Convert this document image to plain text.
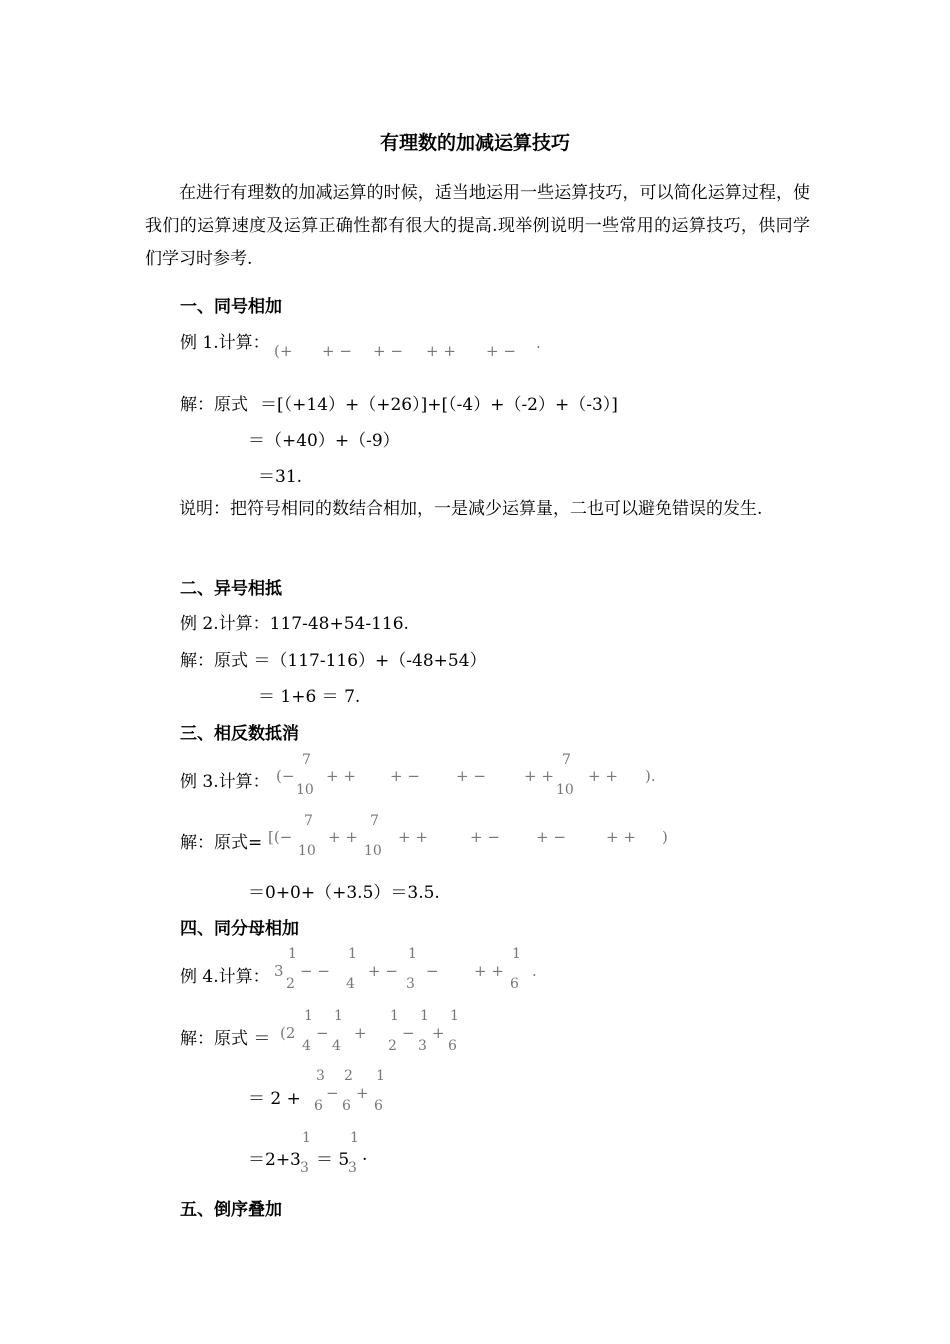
有理数的加减运算技巧
在进行有理数的加减运算的时候，适当地运用一些运算技巧，可以简化运算过程，使我们的运算速度及运算正确性都有很大的提高.现举例说明一些常用的运算技巧，供同学们学习时参考.
一、同号相加
例 1.计算： (+ + − + − + + + − .
解：原式 ＝[（+14）+（+26）]+[（-4）+（-2）+（-3）]
＝（+40）+（-9）
＝31.
说明：把符号相同的数结合相加，一是减少运算量，二也可以避免错误的发生.
二、异号相抵
例 2.计算：117-48+54-116.
解：原式 ＝（117-116）+（-48+54）
＝ 1+6 ＝ 7.
三、相反数抵消
例 3.计算： (−
7
10
+ + + − + −	+ +
7
10
+ + ).
解：原式= [(−
7
10
+ +
7
10
+ +	+ − + −	+ + )
＝0+0+（+3.5）＝3.5.
四、同分母相加
例 4.计算： 3
1
2
− −
1
4
+ −
1
3
− + +
1
6
.
解：原式 ＝ (2
1
4
−
1
4
+
1
2
−
1
3
+
1
6
＝ 2 +
3
6
−
2
6
+
1
6
＝2+3
1
3 ＝ 5
1
3
.
五、倒序叠加
